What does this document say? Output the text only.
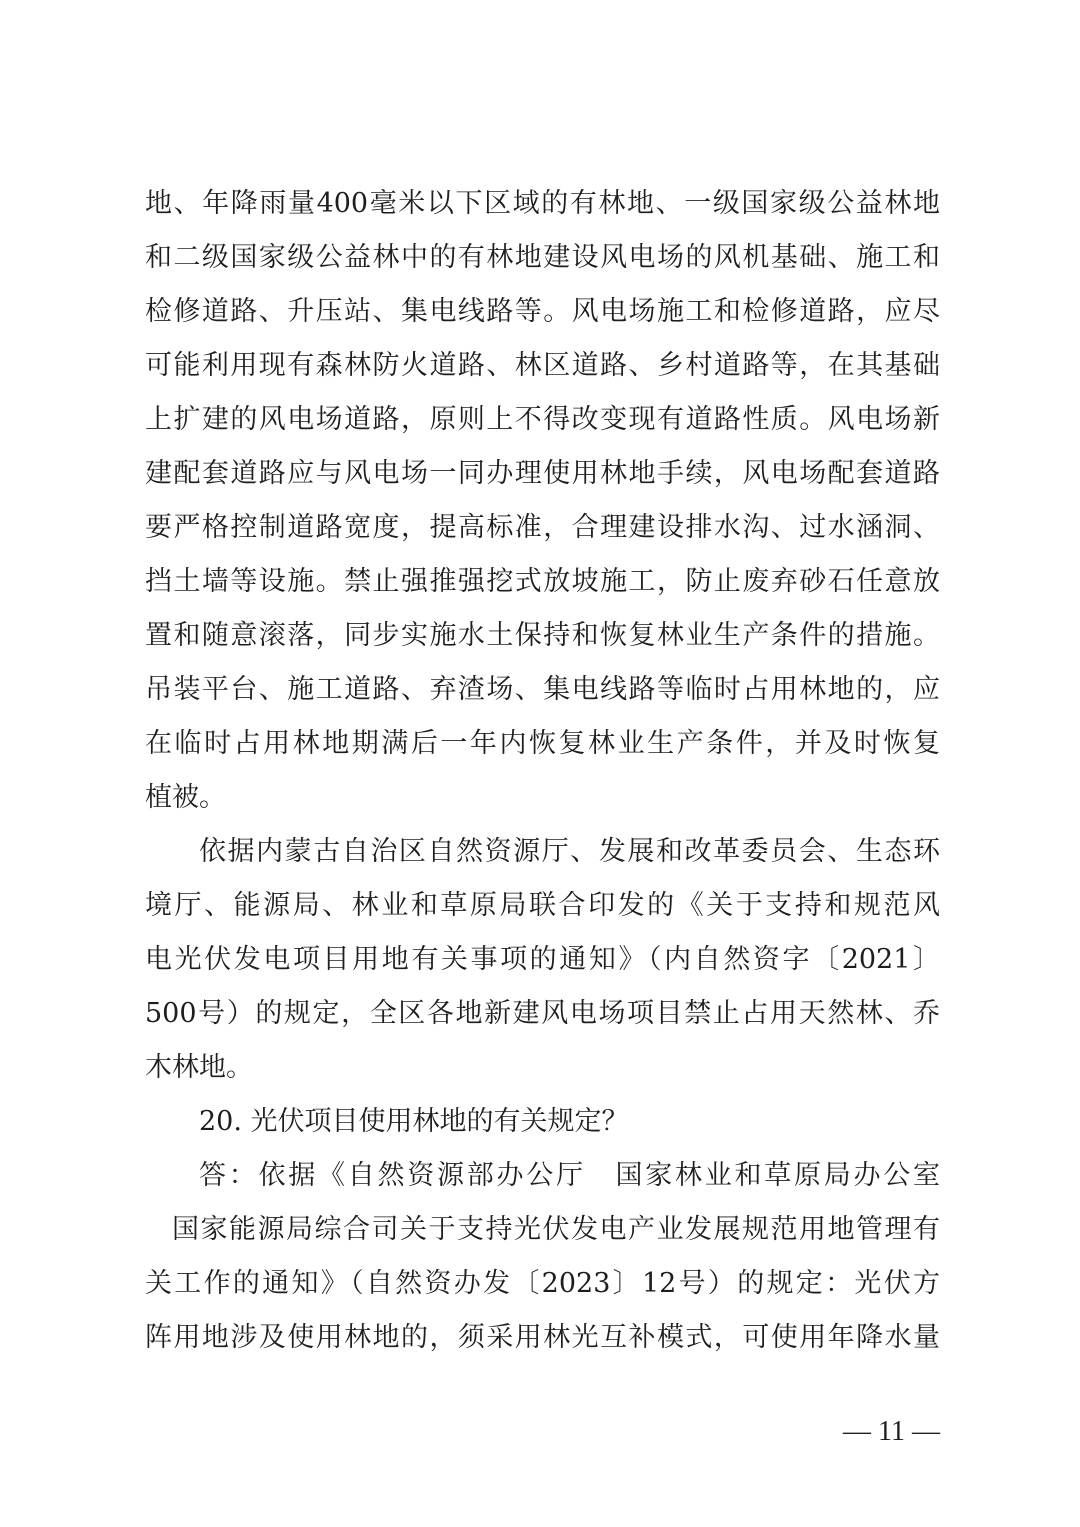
地、年降雨量400毫米以下区域的有林地、一级国家级公益林地
和二级国家级公益林中的有林地建设风电场的风机基础、施工和
检修道路、升压站、集电线路等。风电场施工和检修道路，应尽
可能利用现有森林防火道路、林区道路、乡村道路等，在其基础
上扩建的风电场道路，原则上不得改变现有道路性质。风电场新
建配套道路应与风电场一同办理使用林地手续，风电场配套道路
要严格控制道路宽度，提高标准，合理建设排水沟、过水涵洞、
挡土墙等设施。禁止强推强挖式放坡施工，防止废弃砂石任意放
置和随意滚落，同步实施水土保持和恢复林业生产条件的措施。
吊装平台、施工道路、弃渣场、集电线路等临时占用林地的，应
在临时占用林地期满后一年内恢复林业生产条件，并及时恢复
植被。
依据内蒙古自治区自然资源厅、发展和改革委员会、生态环
境厅、能源局、林业和草原局联合印发的《关于支持和规范风
电光伏发电项目用地有关事项的通知》（内自然资字〔2021〕
500号）的规定，全区各地新建风电场项目禁止占用天然林、乔
木林地。
20. 光伏项目使用林地的有关规定？
答：依据《自然资源部办公厅　国家林业和草原局办公室
国家能源局综合司关于支持光伏发电产业发展规范用地管理有
关工作的通知》（自然资办发〔2023〕12号）的规定：光伏方
阵用地涉及使用林地的，须采用林光互补模式，可使用年降水量
— 11 —
